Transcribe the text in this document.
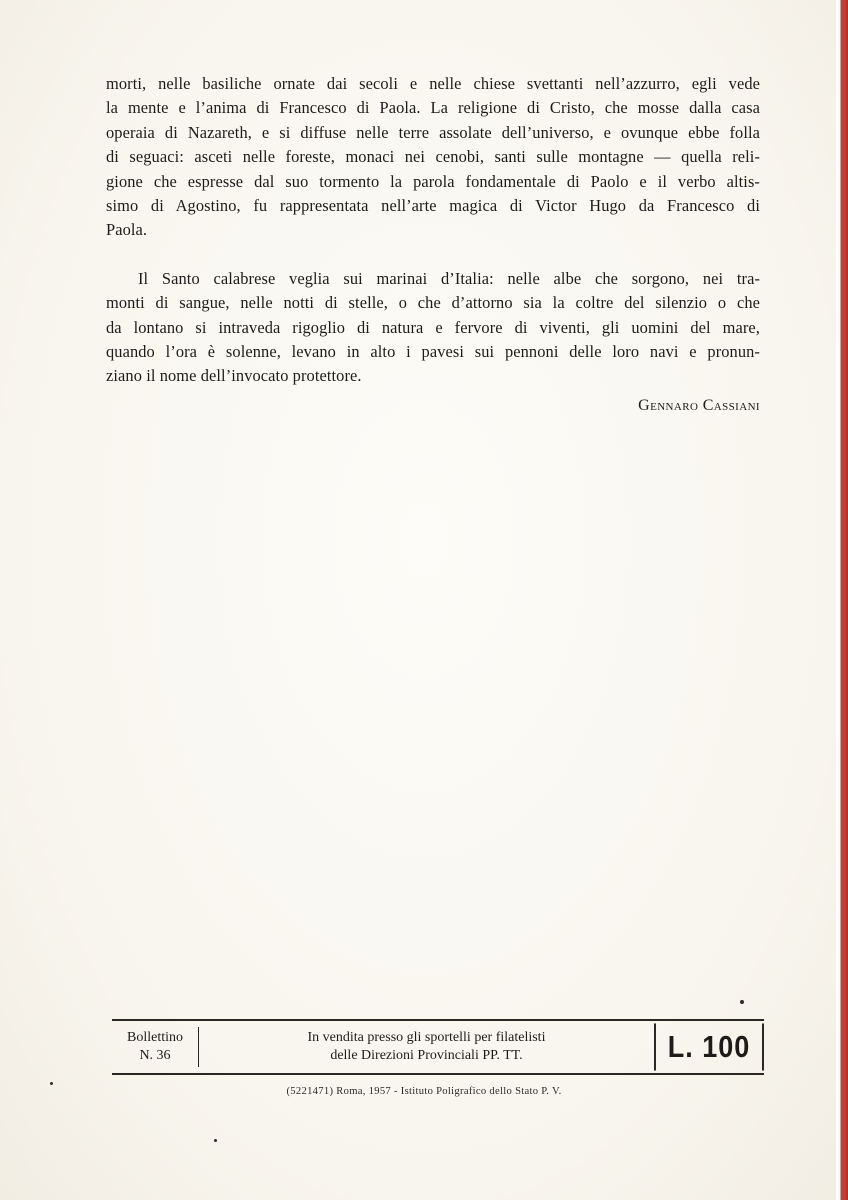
morti, nelle basiliche ornate dai secoli e nelle chiese svettanti nell’azzurro, egli vede
la mente e l’anima di Francesco di Paola. La religione di Cristo, che mosse dalla casa
operaia di Nazareth, e si diffuse nelle terre assolate dell’universo, e ovunque ebbe folla
di seguaci: asceti nelle foreste, monaci nei cenobi, santi sulle montagne — quella reli-
gione che espresse dal suo tormento la parola fondamentale di Paolo e il verbo altis-
simo di Agostino, fu rappresentata nell’arte magica di Victor Hugo da Francesco di
Paola.

Il Santo calabrese veglia sui marinai d’Italia: nelle albe che sorgono, nei tra-
monti di sangue, nelle notti di stelle, o che d’attorno sia la coltre del silenzio o che
da lontano si intraveda rigoglio di natura e fervore di viventi, gli uomini del mare,
quando l’ora è solenne, levano in alto i pavesi sui pennoni delle loro navi e pronun-
ziano il nome dell’invocato protettore.

Gennaro Cassiani
Bollettino
N. 36
In vendita presso gli sportelli per filatelisti
delle Direzioni Provinciali PP. TT.	L. 100
(5221471) Roma, 1957 - Istituto Poligrafico dello Stato P. V.
